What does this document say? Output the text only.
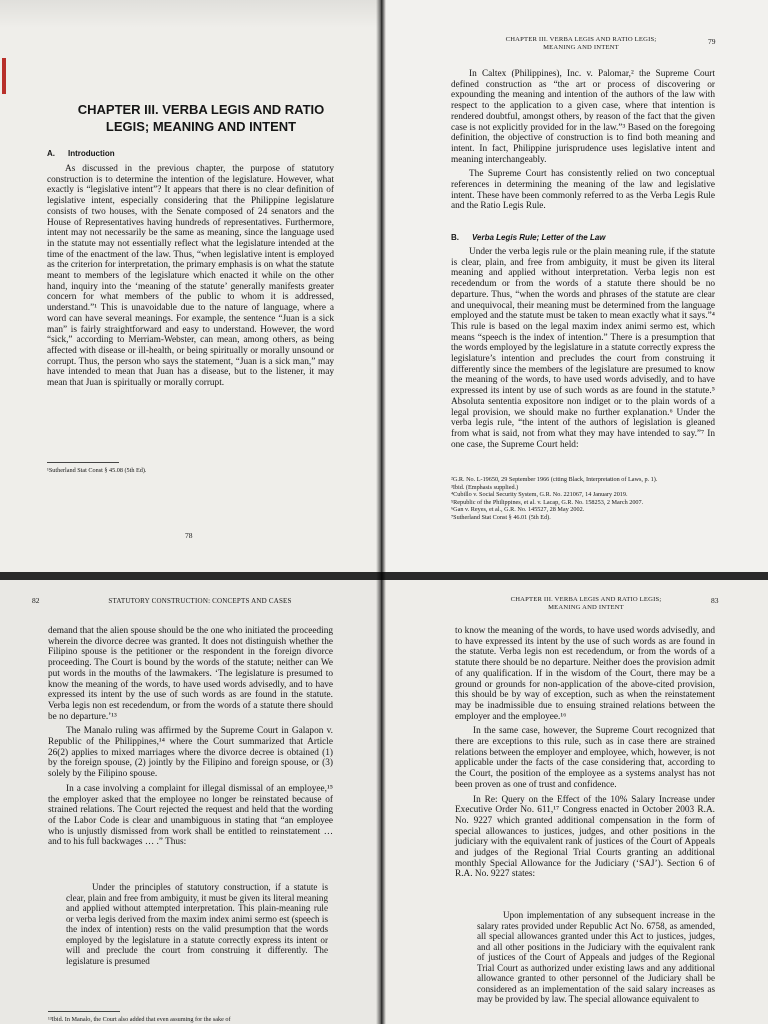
CHAPTER III. VERBA LEGIS AND RATIO LEGIS; MEANING AND INTENT
A. Introduction

As discussed in the previous chapter, the purpose of statutory construction is to determine the intention of the legislature. However, what exactly is “legislative intent”? It appears that there is no clear definition of legislative intent, especially considering that the Philippine legislature consists of two houses, with the Senate composed of 24 senators and the House of Representatives having hundreds of representatives. Furthermore, intent may not necessarily be the same as meaning, since the language used in the statute may not essentially reflect what the legislature intended at the time of the enactment of the law. Thus, “when legislative intent is employed as the criterion for interpretation, the primary emphasis is on what the statute meant to members of the legislature which enacted it while on the other hand, inquiry into the ‘meaning of the statute’ generally manifests greater concern for what members of the public to whom it is addressed, understand.”¹ This is unavoidable due to the nature of language, where a word can have several meanings. For example, the sentence “Juan is a sick man” is fairly straightforward and easy to understand. However, the word “sick,” according to Merriam-Webster, can mean, among others, as being affected with disease or ill-health, or being spiritually or morally unsound or corrupt. Thus, the person who says the statement, “Juan is a sick man,” may have intended to mean that Juan has a disease, but to the listener, it may mean that Juan is spiritually or morally corrupt.

¹Sutherland Stat Const § 45.08 (5th Ed).
78
CHAPTER III. VERBA LEGIS AND RATIO LEGIS;
MEANING AND INTENT
79

In Caltex (Philippines), Inc. v. Palomar,² the Supreme Court defined construction as “the art or process of discovering or expounding the meaning and intention of the authors of the law with respect to the application to a given case, where that intention is rendered doubtful, amongst others, by reason of the fact that the given case is not explicitly provided for in the law.”³ Based on the foregoing definition, the objective of construction is to find both meaning and intent. In fact, Philippine jurisprudence uses legislative intent and meaning interchangeably.

The Supreme Court has consistently relied on two conceptual references in determining the meaning of the law and legislative intent. These have been commonly referred to as the Verba Legis Rule and the Ratio Legis Rule.

B. Verba Legis Rule; Letter of the Law

Under the verba legis rule or the plain meaning rule, if the statute is clear, plain, and free from ambiguity, it must be given its literal meaning and applied without interpretation. Verba legis non est recedendum or from the words of a statute there should be no departure. Thus, “when the words and phrases of the statute are clear and unequivocal, their meaning must be determined from the language employed and the statute must be taken to mean exactly what it says.”⁴ This rule is based on the legal maxim index animi sermo est, which means “speech is the index of intention.” There is a presumption that the words employed by the legislature in a statute correctly express the legislature’s intention and precludes the court from construing it differently since the members of the legislature are presumed to know the meaning of the words, to have used words advisedly, and to have expressed its intent by use of such words as are found in the statute.⁵ Absoluta sententia expositore non indiget or to the plain words of a legal provision, we should make no further explanation.⁶ Under the verba legis rule, “the intent of the authors of legislation is gleaned from what is said, not from what they may have intended to say.”⁷ In one case, the Supreme Court held:

²G.R. No. L-19650, 29 September 1966 (citing Black, Interpretation of Laws, p. 1).
³Ibid. (Emphasis supplied.)
⁴Cubillo v. Social Security System, G.R. No. 221067, 14 January 2019.
⁵Republic of the Philippines, et al. v. Lacap, G.R. No. 158253, 2 March 2007.
⁶Gan v. Reyes, et al., G.R. No. 145527, 28 May 2002.
⁷Sutherland Stat Const § 46.01 (5th Ed).
82	STATUTORY CONSTRUCTION: CONCEPTS AND CASES

demand that the alien spouse should be the one who initiated the proceeding wherein the divorce decree was granted. It does not distinguish whether the Filipino spouse is the petitioner or the respondent in the foreign divorce proceeding. The Court is bound by the words of the statute; neither can We put words in the mouths of the lawmakers. ‘The legislature is presumed to know the meaning of the words, to have used words advisedly, and to have expressed its intent by the use of such words as are found in the statute. Verba legis non est recedendum, or from the words of a statute there should be no departure.’¹³

The Manalo ruling was affirmed by the Supreme Court in Galapon v. Republic of the Philippines,¹⁴ where the Court summarized that Article 26(2) applies to mixed marriages where the divorce decree is obtained (1) by the foreign spouse, (2) jointly by the Filipino and foreign spouse, or (3) solely by the Filipino spouse.

In a case involving a complaint for illegal dismissal of an employee,¹⁵ the employer asked that the employee no longer be reinstated because of strained relations. The Court rejected the request and held that the wording of the Labor Code is clear and unambiguous in stating that “an employee who is unjustly dismissed from work shall be entitled to reinstatement … and to his full backwages … .” Thus:

Under the principles of statutory construction, if a statute is clear, plain and free from ambiguity, it must be given its literal meaning and applied without attempted interpretation. This plain-meaning rule or verba legis derived from the maxim index animi sermo est (speech is the index of intention) rests on the valid presumption that the words employed by the legislature in a statute correctly express its intent or will and preclude the court from construing it differently. The legislature is presumed

¹³Ibid. In Manalo, the Court also added that even assuming for the sake of
CHAPTER III. VERBA LEGIS AND RATIO LEGIS;
MEANING AND INTENT
83

to know the meaning of the words, to have used words advisedly, and to have expressed its intent by the use of such words as are found in the statute. Verba legis non est recedendum, or from the words of a statute there should be no departure. Neither does the provision admit of any qualification. If in the wisdom of the Court, there may be a ground or grounds for non-application of the above-cited provision, this should be by way of exception, such as when the reinstatement may be inadmissible due to ensuing strained relations between the employer and the employee.¹⁶

In the same case, however, the Supreme Court recognized that there are exceptions to this rule, such as in case there are strained relations between the employer and employee, which, however, is not applicable under the facts of the case considering that, according to the Court, the position of the employee as a systems analyst has not been proven as one of trust and confidence.

In Re: Query on the Effect of the 10% Salary Increase under Executive Order No. 611,¹⁷ Congress enacted in October 2003 R.A. No. 9227 which granted additional compensation in the form of special allowances to justices, judges, and other positions in the judiciary with the equivalent rank of justices of the Court of Appeals and judges of the Regional Trial Courts granting an additional monthly Special Allowance for the Judiciary (‘SAJ’). Section 6 of R.A. No. 9227 states:

Upon implementation of any subsequent increase in the salary rates provided under Republic Act No. 6758, as amended, all special allowances granted under this Act to justices, judges, and all other positions in the Judiciary with the equivalent rank of justices of the Court of Appeals and judges of the Regional Trial Court as authorized under existing laws and any additional allowance granted to other personnel of the Judiciary shall be considered as an implementation of the said salary increases as may be provided by law. The special allowance equivalent to
